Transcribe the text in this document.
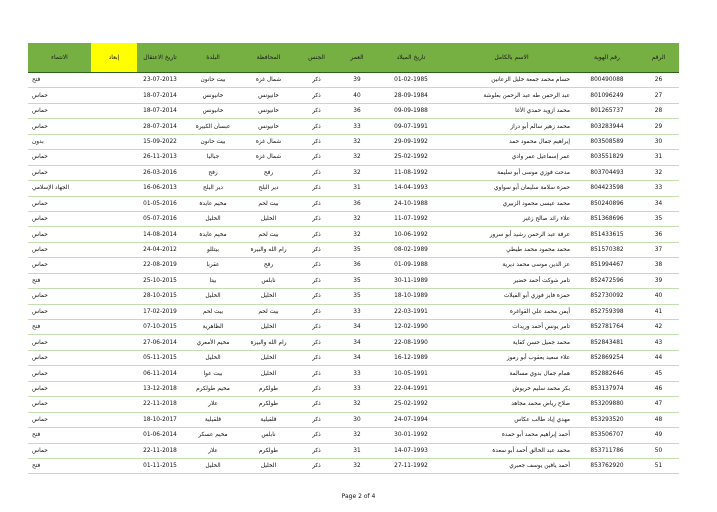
الرقم	رقم الهوية	الاسم بالكامل	تاريخ الميلاد	العمر	الجنس	المحافظة	البلدة	تاريخ الاعتقال	إبعاد	الانتماء
26	800490088	حسام محمد جمعة خليل الزعانين	01-02-1985	39	ذكر	شمال غزة	بيت حانون	23-07-2013		فتح
27	801096249	عبد الرحمن طه عبد الرحمن بعلوشة	28-09-1984	40	ذكر	خانيونس	خانيونس	18-07-2014		حماس
28	801265737	محمد ازويد حمدي الأغا	09-09-1988	36	ذكر	خانيونس	خانيونس	18-07-2014		حماس
29	803283944	محمد زهير سالم أبو دراز	09-07-1991	33	ذكر	خانيونس	عبسان الكبيرة	28-07-2014		حماس
30	803508589	إبراهيم جمال محمود حمد	29-09-1992	32	ذكر	شمال غزة	بيت حانون	15-09-2022		بدون
31	803551829	عمر إسماعيل عمر وادي	25-02-1992	32	ذكر	شمال غزة	جباليا	26-11-2013		حماس
32	803704493	مدحت فوزي موسى أبو سليمة	11-08-1992	32	ذكر	رفح	رفح	26-03-2016		حماس
33	804423598	حمزة سلامة سليمان أبو سواوي	14-04-1993	31	ذكر	دير البلح	دير البلح	16-06-2013		الجهاد الإسلامي
34	850240896	محمد عيسى محمود الزبيري	24-10-1988	36	ذكر	بيت لحم	مخيم عايدة	01-05-2016		حماس
35	851368696	علاء رائد صالح زغير	11-07-1992	32	ذكر	الخليل	الخليل	05-07-2016		حماس
36	851433615	عرفة عبد الرحمن رشيد أبو سرور	10-06-1992	32	ذكر	بيت لحم	مخيم عايدة	14-08-2014		حماس
37	851570382	محمد محمود محمد طيطي	08-02-1989	35	ذكر	رام الله والبيرة	بيتللو	24-04-2012		حماس
38	851994467	عز الدين موسى محمد ديرية	01-09-1988	36	ذكر	رفح	عقربا	22-08-2019		حماس
39	852472596	تامر شوكت أحمد خضير	30-11-1989	35	ذكر	نابلس	بيتا	25-10-2015		فتح
40	852730092	حمزة فايز فوزي أبو الفيلات	18-10-1989	35	ذكر	الخليل	الخليل	28-10-2015		حماس
41	852759398	أيمن محمد علي القواغرة	22-03-1991	33	ذكر	بيت لحم	بيت لحم	17-02-2019		حماس
42	852781764	تامر يونس أحمد وريدات	12-02-1990	34	ذكر	الخليل	الظاهرية	07-10-2015		فتح
43	852843481	محمد جميل حسن كفاية	22-08-1990	34	ذكر	رام الله والبيرة	مخيم الأمعري	27-06-2014		حماس
44	852869254	علاء سعيد يعقوب أبو رموز	16-12-1989	34	ذكر	الخليل	الخليل	05-11-2015		حماس
45	852882646	همام جمال بدوي مسالمة	10-05-1991	33	ذكر	الخليل	بيت عوا	06-11-2014		حماس
46	853137974	بكر محمد سليم خريوش	22-04-1991	33	ذكر	طولكرم	مخيم طولكرم	13-12-2018		حماس
47	853209880	صلاح رياض محمد مجاهد	25-02-1992	32	ذكر	طولكرم	علار	22-11-2018		حماس
48	853293520	مهدي إياد طالب عكاس	24-07-1994	30	ذكر	قلقيلية	قلقيلية	18-10-2017		حماس
49	853506707	أحمد إبراهيم محمد أبو حمدة	30-01-1992	32	ذكر	نابلس	مخيم عسكر	01-06-2014		فتح
50	853711786	محمد عبد الخالق أحمد أبو سعدة	14-07-1993	31	ذكر	طولكرم	علار	22-11-2018		حماس
51	853762920	أحمد يافين يوسف جعبري	27-11-1992	32	ذكر	الخليل	الخليل	01-11-2015		فتح
Page 2 of 4
